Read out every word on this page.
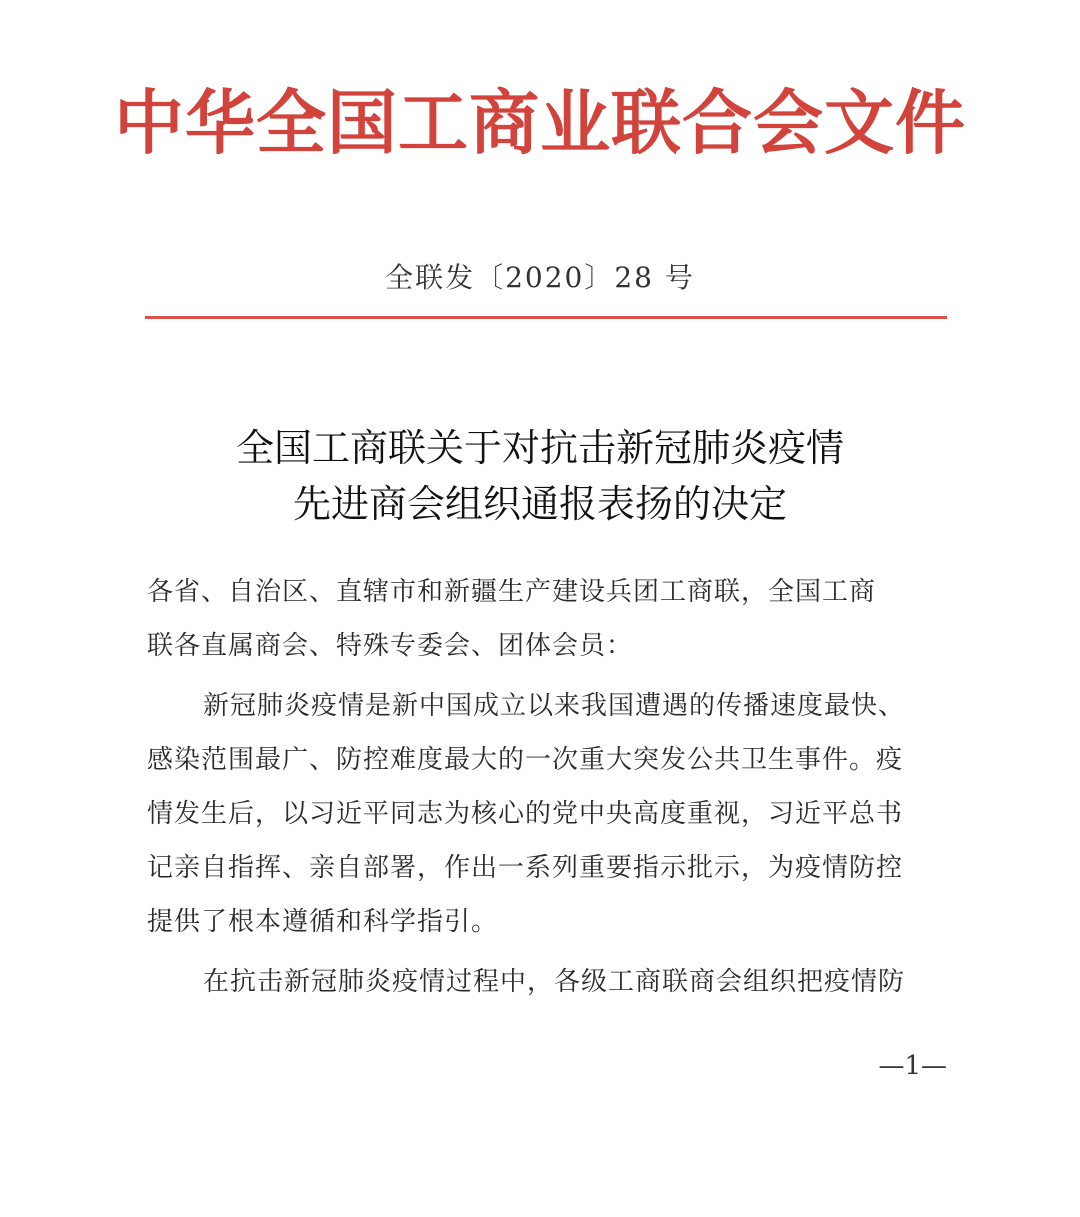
中华全国工商业联合会文件
全联发〔2020〕28 号
全国工商联关于对抗击新冠肺炎疫情
先进商会组织通报表扬的决定
各省、自治区、直辖市和新疆生产建设兵团工商联，全国工商
联各直属商会、特殊专委会、团体会员：
新冠肺炎疫情是新中国成立以来我国遭遇的传播速度最快、
感染范围最广、防控难度最大的一次重大突发公共卫生事件。疫
情发生后，以习近平同志为核心的党中央高度重视，习近平总书
记亲自指挥、亲自部署，作出一系列重要指示批示，为疫情防控
提供了根本遵循和科学指引。
在抗击新冠肺炎疫情过程中，各级工商联商会组织把疫情防
—1—
